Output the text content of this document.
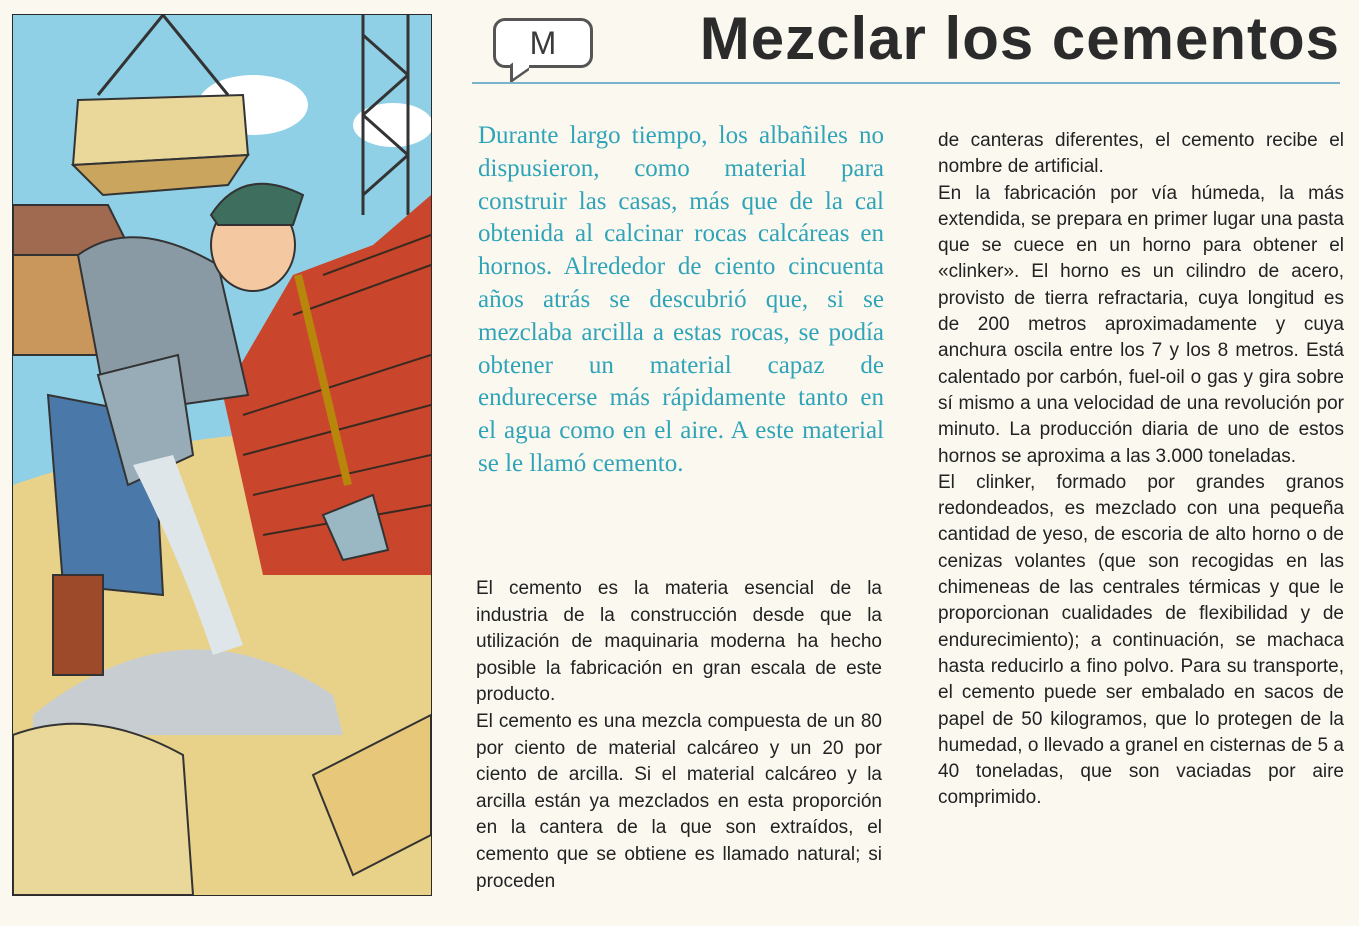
M	Mezclar los cementos

Durante largo tiempo, los albañiles no dispusieron, como material para construir las casas, más que de la cal obtenida al calcinar rocas calcáreas en hornos. Alrededor de ciento cincuenta años atrás se descubrió que, si se mezclaba arcilla a estas rocas, se podía obtener un material capaz de endurecerse más rápidamente tanto en el agua como en el aire. A este material se le llamó cemento.

El cemento es la materia esencial de la industria de la construcción desde que la utilización de maquinaria moderna ha hecho posible la fabricación en gran escala de este producto.

El cemento es una mezcla compuesta de un 80 por ciento de material calcáreo y un 20 por ciento de arcilla. Si el material calcáreo y la arcilla están ya mezclados en esta proporción en la cantera de la que son extraídos, el cemento que se obtiene es llamado natural; si proceden

de canteras diferentes, el cemento recibe el nombre de artificial.

En la fabricación por vía húmeda, la más extendida, se prepara en primer lugar una pasta que se cuece en un horno para obtener el «clinker». El horno es un cilindro de acero, provisto de tierra refractaria, cuya longitud es de 200 metros aproximadamente y cuya anchura oscila entre los 7 y los 8 metros. Está calentado por carbón, fuel-oil o gas y gira sobre sí mismo a una velocidad de una revolución por minuto. La producción diaria de uno de estos hornos se aproxima a las 3.000 toneladas.

El clinker, formado por grandes granos redondeados, es mezclado con una pequeña cantidad de yeso, de escoria de alto horno o de cenizas volantes (que son recogidas en las chimeneas de las centrales térmicas y que le proporcionan cualidades de flexibilidad y de endurecimiento); a continuación, se machaca hasta reducirlo a fino polvo. Para su transporte, el cemento puede ser embalado en sacos de papel de 50 kilogramos, que lo protegen de la humedad, o llevado a granel en cisternas de 5 a 40 toneladas, que son vaciadas por aire comprimido.
